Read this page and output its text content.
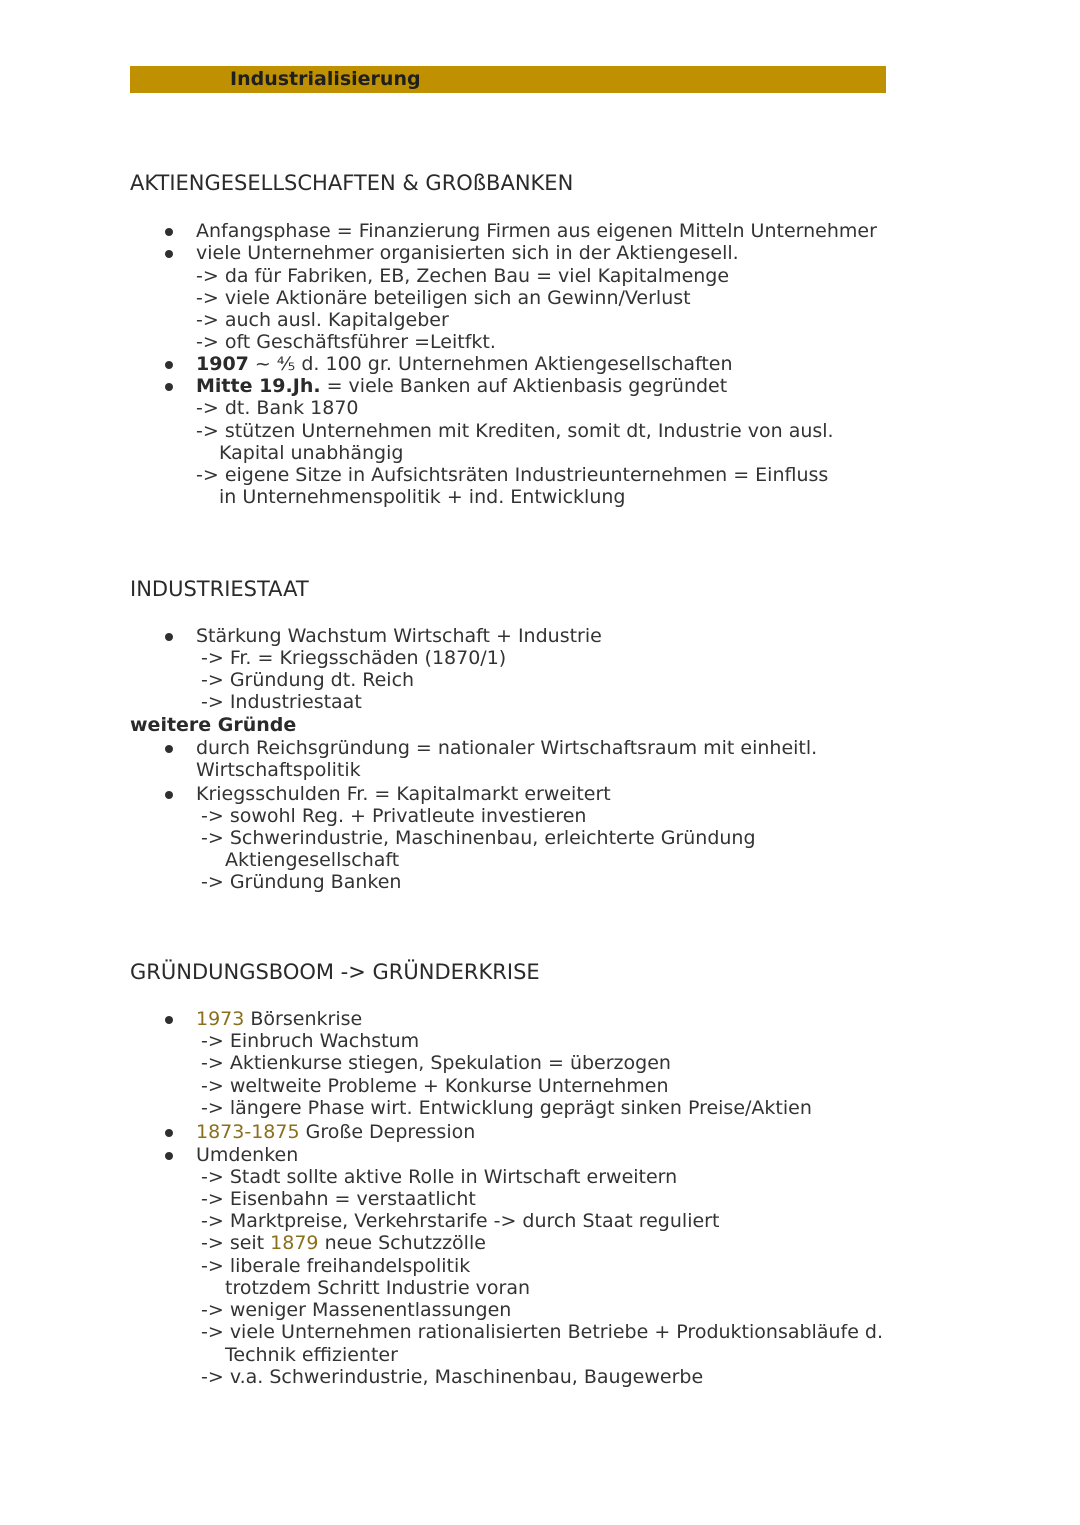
Industrialisierung
AKTIENGESELLSCHAFTEN & GROßBANKEN

Anfangsphase = Finanzierung Firmen aus eigenen Mitteln Unternehmer

viele Unternehmer organisierten sich in der Aktiengesell.

-> da für Fabriken, EB, Zechen Bau = viel Kapitalmenge

-> viele Aktionäre beteiligen sich an Gewinn/Verlust

-> auch ausl. Kapitalgeber

-> oft Geschäftsführer =Leitfkt.

1907 ~ ⅘ d. 100 gr. Unternehmen Aktiengesellschaften

Mitte 19.Jh. = viele Banken auf Aktienbasis gegründet

-> dt. Bank 1870

-> stützen Unternehmen mit Krediten, somit dt, Industrie von ausl.

Kapital unabhängig

-> eigene Sitze in Aufsichtsräten Industrieunternehmen = Einfluss

in Unternehmenspolitik + ind. Entwicklung

INDUSTRIESTAAT

Stärkung Wachstum Wirtschaft + Industrie

-> Fr. = Kriegsschäden (1870/1)

-> Gründung dt. Reich

-> Industriestaat

weitere Gründe

durch Reichsgründung = nationaler Wirtschaftsraum mit einheitl.

Wirtschaftspolitik

Kriegsschulden Fr. = Kapitalmarkt erweitert

-> sowohl Reg. + Privatleute investieren

-> Schwerindustrie, Maschinenbau, erleichterte Gründung

Aktiengesellschaft

-> Gründung Banken

GRÜNDUNGSBOOM -> GRÜNDERKRISE

1973 Börsenkrise

-> Einbruch Wachstum

-> Aktienkurse stiegen, Spekulation = überzogen

-> weltweite Probleme + Konkurse Unternehmen

-> längere Phase wirt. Entwicklung geprägt sinken Preise/Aktien

1873-1875 Große Depression

Umdenken

-> Stadt sollte aktive Rolle in Wirtschaft erweitern

-> Eisenbahn = verstaatlicht

-> Marktpreise, Verkehrstarife -> durch Staat reguliert

-> seit 1879 neue Schutzzölle

-> liberale freihandelspolitik

trotzdem Schritt Industrie voran

-> weniger Massenentlassungen

-> viele Unternehmen rationalisierten Betriebe + Produktionsabläufe d.

Technik effizienter

-> v.a. Schwerindustrie, Maschinenbau, Baugewerbe
